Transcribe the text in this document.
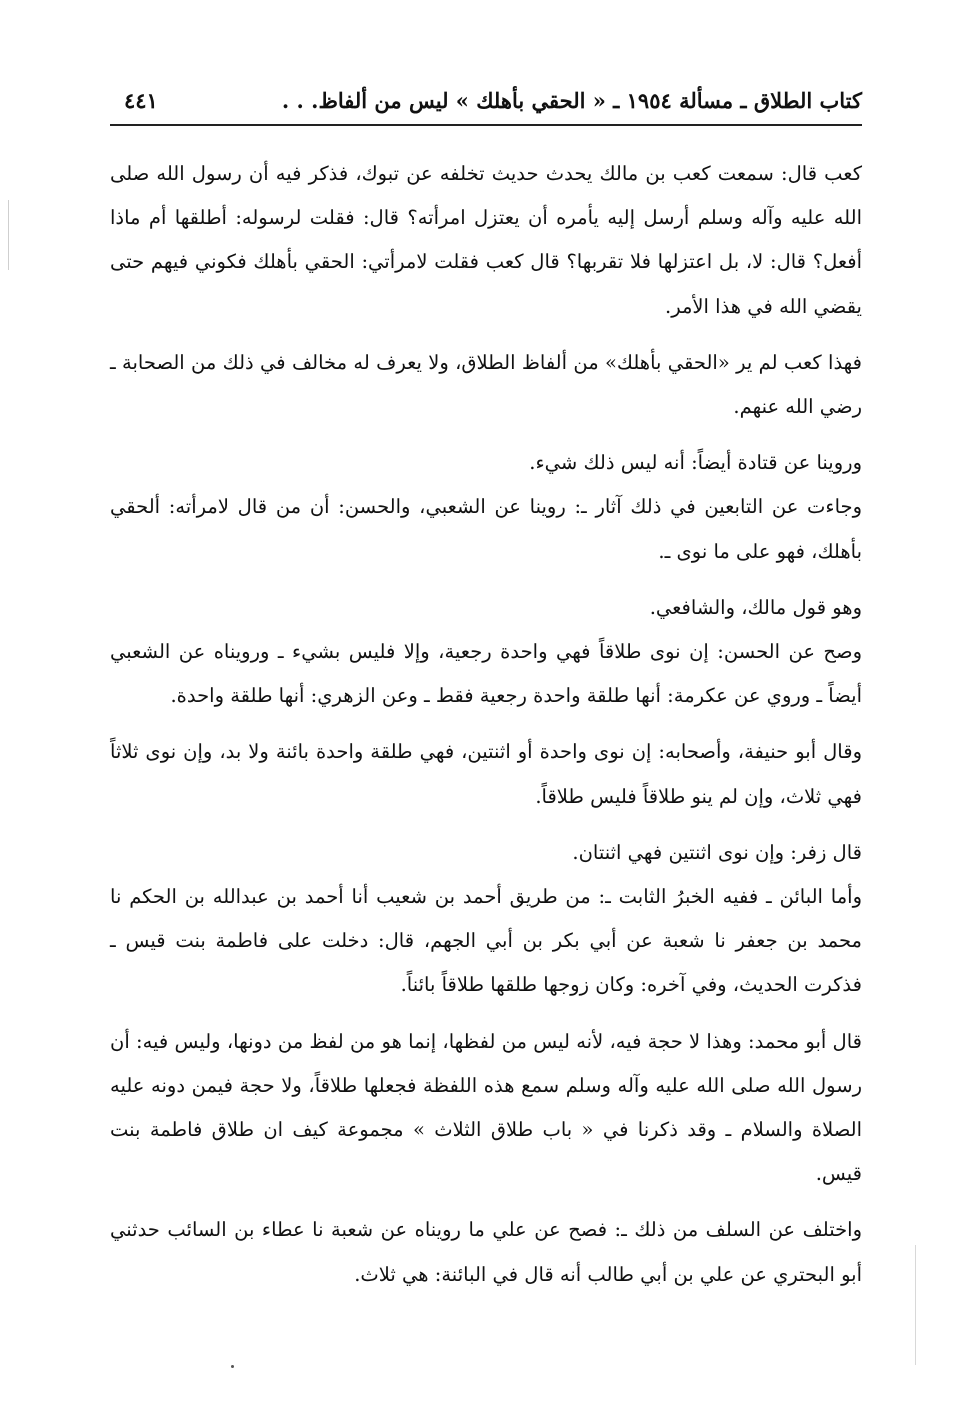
كتاب الطلاق ـ مسألة ١٩٥٤ ـ « الحقي بأهلك » ليس من ألفاظ. . .
٤٤١

كعب قال: سمعت كعب بن مالك يحدث حديث تخلفه عن تبوك، فذكر فيه أن رسول الله صلى الله عليه وآله وسلم أرسل إليه يأمره أن يعتزل امرأته؟ قال: فقلت لرسوله: أطلقها أم ماذا أفعل؟ قال: لا، بل اعتزلها فلا تقربها؟ قال كعب فقلت لامرأتي: الحقي بأهلك فكوني فيهم حتى يقضي الله في هذا الأمر.

فهذا كعب لم ير «الحقي بأهلك» من ألفاظ الطلاق، ولا يعرف له مخالف في ذلك من الصحابة ـ رضي الله عنهم.

وروينا عن قتادة أيضاً: أنه ليس ذلك شيء.

وجاءت عن التابعين في ذلك آثار ـ: روينا عن الشعبي، والحسن: أن من قال لامرأته: ألحقي بأهلك، فهو على ما نوى ـ.

وهو قول مالك، والشافعي.

وصح عن الحسن: إن نوى طلاقاً فهي واحدة رجعية، وإلا فليس بشيء ـ ورويناه عن الشعبي أيضاً ـ وروي عن عكرمة: أنها طلقة واحدة رجعية فقط ـ وعن الزهري: أنها طلقة واحدة.

وقال أبو حنيفة، وأصحابه: إن نوى واحدة أو اثنتين، فهي طلقة واحدة بائنة ولا بد، وإن نوى ثلاثاً فهي ثلاث، وإن لم ينو طلاقاً فليس طلاقاً.

قال زفر: وإن نوى اثنتين فهي اثنتان.

وأما البائن ـ ففيه الخبرُ الثابت ـ: من طريق أحمد بن شعيب أنا أحمد بن عبدالله بن الحكم نا محمد بن جعفر نا شعبة عن أبي بكر بن أبي الجهم، قال: دخلت على فاطمة بنت قيس ـ فذكرت الحديث، وفي آخره: وكان زوجها طلقها طلاقاً بائناً.

قال أبو محمد: وهذا لا حجة فيه، لأنه ليس من لفظها، إنما هو من لفظ من دونها، وليس فيه: أن رسول الله صلى الله عليه وآله وسلم سمع هذه اللفظة فجعلها طلاقاً، ولا حجة فيمن دونه عليه الصلاة والسلام ـ وقد ذكرنا في « باب طلاق الثلاث » مجموعة كيف ان طلاق فاطمة بنت قيس.

واختلف عن السلف من ذلك ـ: فصح عن علي ما رويناه عن شعبة نا عطاء بن السائب حدثني أبو البحتري عن علي بن أبي طالب أنه قال في البائنة: هي ثلاث.
